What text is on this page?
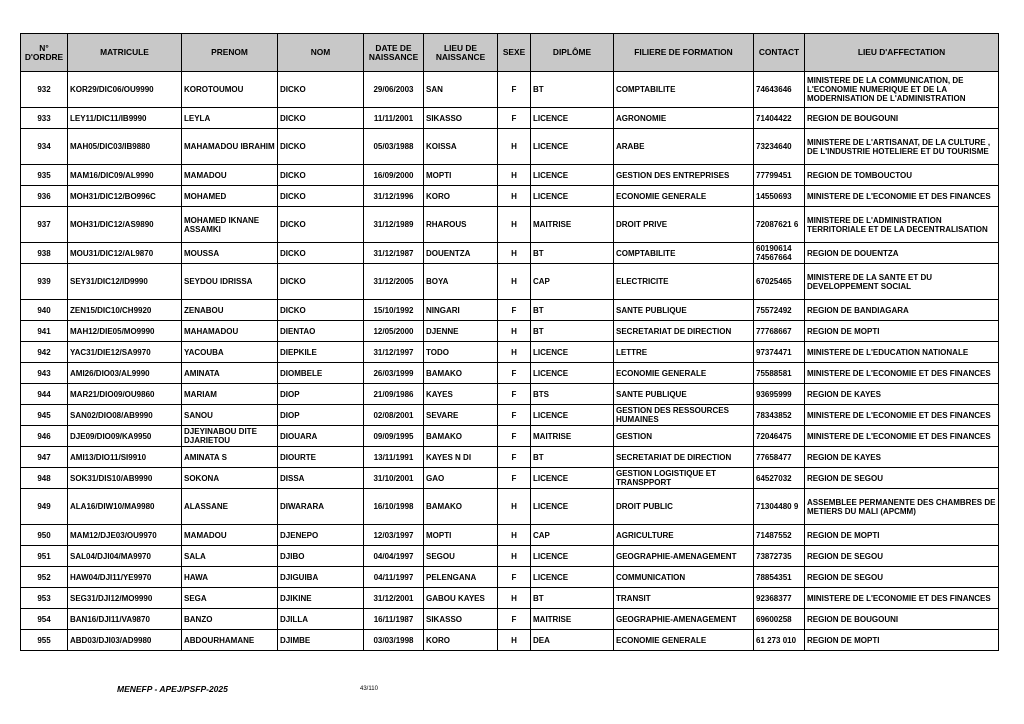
N° D'ORDRE	MATRICULE	PRENOM	NOM	DATE DE NAISSANCE	LIEU DE NAISSANCE	SEXE	DIPLÔME	FILIERE DE FORMATION	CONTACT	LIEU D'AFFECTATION
932	KOR29/DIC06/OU9990	KOROTOUMOU	DICKO	29/06/2003	SAN	F	BT	COMPTABILITE	74643646	MINISTERE DE LA COMMUNICATION, DE L'ECONOMIE NUMERIQUE ET DE LA MODERNISATION DE L'ADMINISTRATION
933	LEY11/DIC11/IB9990	LEYLA	DICKO	11/11/2001	SIKASSO	F	LICENCE	AGRONOMIE	71404422	REGION DE BOUGOUNI
934	MAH05/DIC03/IB9880	MAHAMADOU IBRAHIM	DICKO	05/03/1988	KOISSA	H	LICENCE	ARABE	73234640	MINISTERE DE L'ARTISANAT, DE LA CULTURE , DE L'INDUSTRIE HOTELIERE ET DU TOURISME
935	MAM16/DIC09/AL9990	MAMADOU	DICKO	16/09/2000	MOPTI	H	LICENCE	GESTION DES ENTREPRISES	77799451	REGION DE TOMBOUCTOU
936	MOH31/DIC12/BO996C	MOHAMED	DICKO	31/12/1996	KORO	H	LICENCE	ECONOMIE GENERALE	14550693	MINISTERE DE L'ECONOMIE ET DES FINANCES
937	MOH31/DIC12/AS9890	MOHAMED IKNANE ASSAMKI	DICKO	31/12/1989	RHAROUS	H	MAITRISE	DROIT PRIVE	72087621 6	MINISTERE DE L'ADMINISTRATION TERRITORIALE ET DE LA DECENTRALISATION
938	MOU31/DIC12/AL9870	MOUSSA	DICKO	31/12/1987	DOUENTZA	H	BT	COMPTABILITE	60190614 74567664	REGION DE DOUENTZA
939	SEY31/DIC12/ID9990	SEYDOU IDRISSA	DICKO	31/12/2005	BOYA	H	CAP	ELECTRICITE	67025465	MINISTERE DE LA SANTE ET DU DEVELOPPEMENT SOCIAL
940	ZEN15/DIC10/CH9920	ZENABOU	DICKO	15/10/1992	NINGARI	F	BT	SANTE PUBLIQUE	75572492	REGION DE BANDIAGARA
941	MAH12/DIE05/MO9990	MAHAMADOU	DIENTAO	12/05/2000	DJENNE	H	BT	SECRETARIAT DE DIRECTION	77768667	REGION DE MOPTI
942	YAC31/DIE12/SA9970	YACOUBA	DIEPKILE	31/12/1997	TODO	H	LICENCE	LETTRE	97374471	MINISTERE DE L'EDUCATION NATIONALE
943	AMI26/DIO03/AL9990	AMINATA	DIOMBELE	26/03/1999	BAMAKO	F	LICENCE	ECONOMIE GENERALE	75588581	MINISTERE DE L'ECONOMIE ET DES FINANCES
944	MAR21/DIO09/OU9860	MARIAM	DIOP	21/09/1986	KAYES	F	BTS	SANTE PUBLIQUE	93695999	REGION DE KAYES
945	SAN02/DIO08/AB9990	SANOU	DIOP	02/08/2001	SEVARE	F	LICENCE	GESTION DES RESSOURCES HUMAINES	78343852	MINISTERE DE L'ECONOMIE ET DES FINANCES
946	DJE09/DIO09/KA9950	DJEYINABOU DITE DJARIETOU	DIOUARA	09/09/1995	BAMAKO	F	MAITRISE	GESTION	72046475	MINISTERE DE L'ECONOMIE ET DES FINANCES
947	AMI13/DIO11/SI9910	AMINATA S	DIOURTE	13/11/1991	KAYES N DI	F	BT	SECRETARIAT DE DIRECTION	77658477	REGION DE KAYES
948	SOK31/DIS10/AB9990	SOKONA	DISSA	31/10/2001	GAO	F	LICENCE	GESTION LOGISTIQUE ET TRANSPPORT	64527032	REGION DE SEGOU
949	ALA16/DIW10/MA9980	ALASSANE	DIWARARA	16/10/1998	BAMAKO	H	LICENCE	DROIT PUBLIC	71304480 9	ASSEMBLEE PERMANENTE DES CHAMBRES DE METIERS DU MALI (APCMM)
950	MAM12/DJE03/OU9970	MAMADOU	DJENEPO	12/03/1997	MOPTI	H	CAP	AGRICULTURE	71487552	REGION DE MOPTI
951	SAL04/DJI04/MA9970	SALA	DJIBO	04/04/1997	SEGOU	H	LICENCE	GEOGRAPHIE-AMENAGEMENT	73872735	REGION DE SEGOU
952	HAW04/DJI11/YE9970	HAWA	DJIGUIBA	04/11/1997	PELENGANA	F	LICENCE	COMMUNICATION	78854351	REGION DE SEGOU
953	SEG31/DJI12/MO9990	SEGA	DJIKINE	31/12/2001	GABOU KAYES	H	BT	TRANSIT	92368377	MINISTERE DE L'ECONOMIE ET DES FINANCES
954	BAN16/DJI11/VA9870	BANZO	DJILLA	16/11/1987	SIKASSO	F	MAITRISE	GEOGRAPHIE-AMENAGEMENT	69600258	REGION DE BOUGOUNI
955	ABD03/DJI03/AD9980	ABDOURHAMANE	DJIMBE	03/03/1998	KORO	H	DEA	ECONOMIE GENERALE	61 273 010	REGION DE MOPTI
MENEFP - APEJ/PSFP-2025	43/110
